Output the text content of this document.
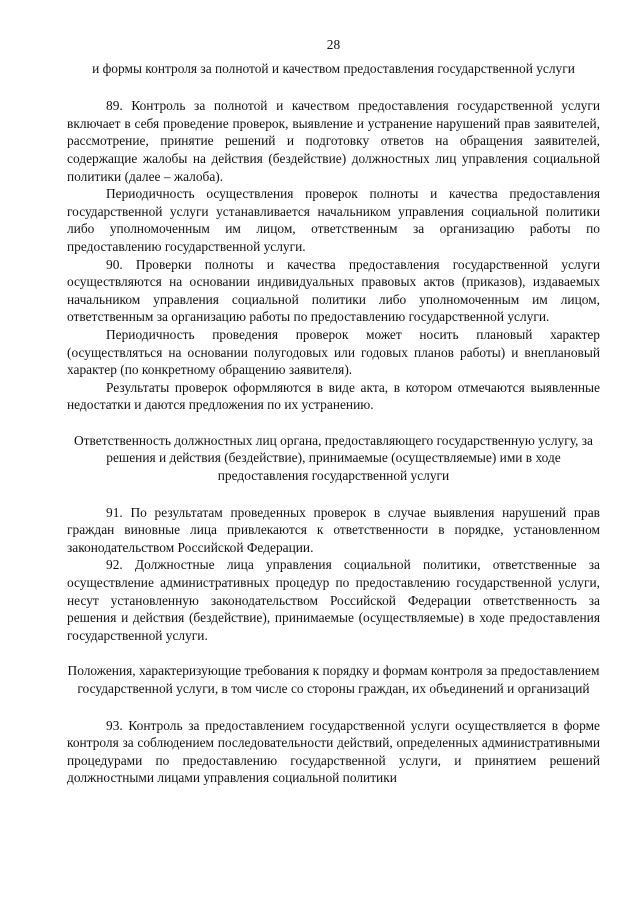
28

и формы контроля за полнотой и качеством предоставления государственной услуги

89. Контроль за полнотой и качеством предоставления государственной услуги включает в себя проведение проверок, выявление и устранение нарушений прав заявителей, рассмотрение, принятие решений и подготовку ответов на обращения заявителей, содержащие жалобы на действия (бездействие) должностных лиц управления социальной политики (далее – жалоба).

Периодичность осуществления проверок полноты и качества предоставления государственной услуги устанавливается начальником управления социальной политики либо уполномоченным им лицом, ответственным за организацию работы по предоставлению государственной услуги.

90. Проверки полноты и качества предоставления государственной услуги осуществляются на основании индивидуальных правовых актов (приказов), издаваемых начальником управления социальной политики либо уполномоченным им лицом, ответственным за организацию работы по предоставлению государственной услуги.

Периодичность проведения проверок может носить плановый характер (осуществляться на основании полугодовых или годовых планов работы) и внеплановый характер (по конкретному обращению заявителя).

Результаты проверок оформляются в виде акта, в котором отмечаются выявленные недостатки и даются предложения по их устранению.

Ответственность должностных лиц органа, предоставляющего государственную услугу, за решения и действия (бездействие), принимаемые (осуществляемые) ими в ходе предоставления государственной услуги

91. По результатам проведенных проверок в случае выявления нарушений прав граждан виновные лица привлекаются к ответственности в порядке, установленном законодательством Российской Федерации.

92. Должностные лица управления социальной политики, ответственные за осуществление административных процедур по предоставлению государственной услуги, несут установленную законодательством Российской Федерации ответственность за решения и действия (бездействие), принимаемые (осуществляемые) в ходе предоставления государственной услуги.

Положения, характеризующие требования к порядку и формам контроля за предоставлением государственной услуги, в том числе со стороны граждан, их объединений и организаций

93. Контроль за предоставлением государственной услуги осуществляется в форме контроля за соблюдением последовательности действий, определенных административными процедурами по предоставлению государственной услуги, и принятием решений должностными лицами управления социальной политики
